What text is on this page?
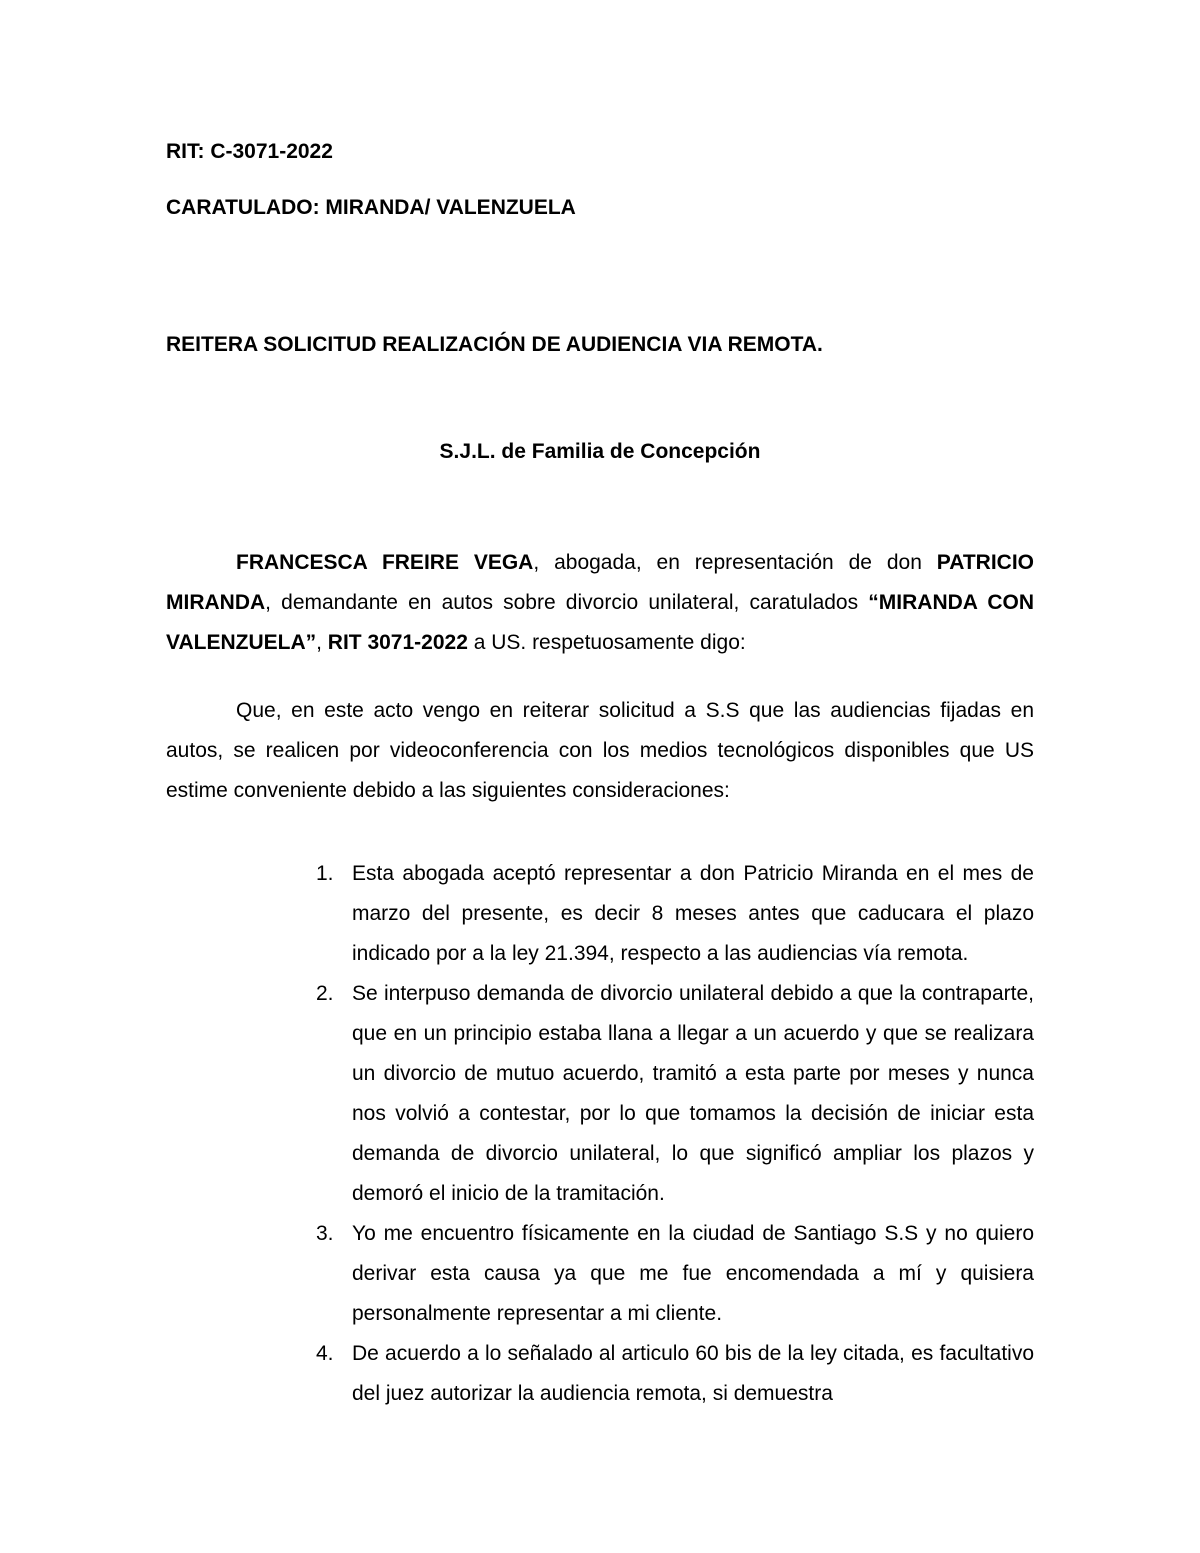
RIT: C-3071-2022
CARATULADO: MIRANDA/ VALENZUELA
REITERA SOLICITUD REALIZACIÓN DE AUDIENCIA VIA REMOTA.
S.J.L. de Familia de Concepción

FRANCESCA FREIRE VEGA, abogada, en representación de don PATRICIO MIRANDA, demandante en autos sobre divorcio unilateral, caratulados “MIRANDA CON VALENZUELA”, RIT 3071-2022 a US. respetuosamente digo:

Que, en este acto vengo en reiterar solicitud a S.S que las audiencias fijadas en autos, se realicen por videoconferencia con los medios tecnológicos disponibles que US estime conveniente debido a las siguientes consideraciones:

1. Esta abogada aceptó representar a don Patricio Miranda en el mes de marzo del presente, es decir 8 meses antes que caducara el plazo indicado por a la ley 21.394, respecto a las audiencias vía remota.
2. Se interpuso demanda de divorcio unilateral debido a que la contraparte, que en un principio estaba llana a llegar a un acuerdo y que se realizara un divorcio de mutuo acuerdo, tramitó a esta parte por meses y nunca nos volvió a contestar, por lo que tomamos la decisión de iniciar esta demanda de divorcio unilateral, lo que significó ampliar los plazos y demoró el inicio de la tramitación.
3. Yo me encuentro físicamente en la ciudad de Santiago S.S y no quiero derivar esta causa ya que me fue encomendada a mí y quisiera personalmente representar a mi cliente.
4. De acuerdo a lo señalado al articulo 60 bis de la ley citada, es facultativo del juez autorizar la audiencia remota, si demuestra
